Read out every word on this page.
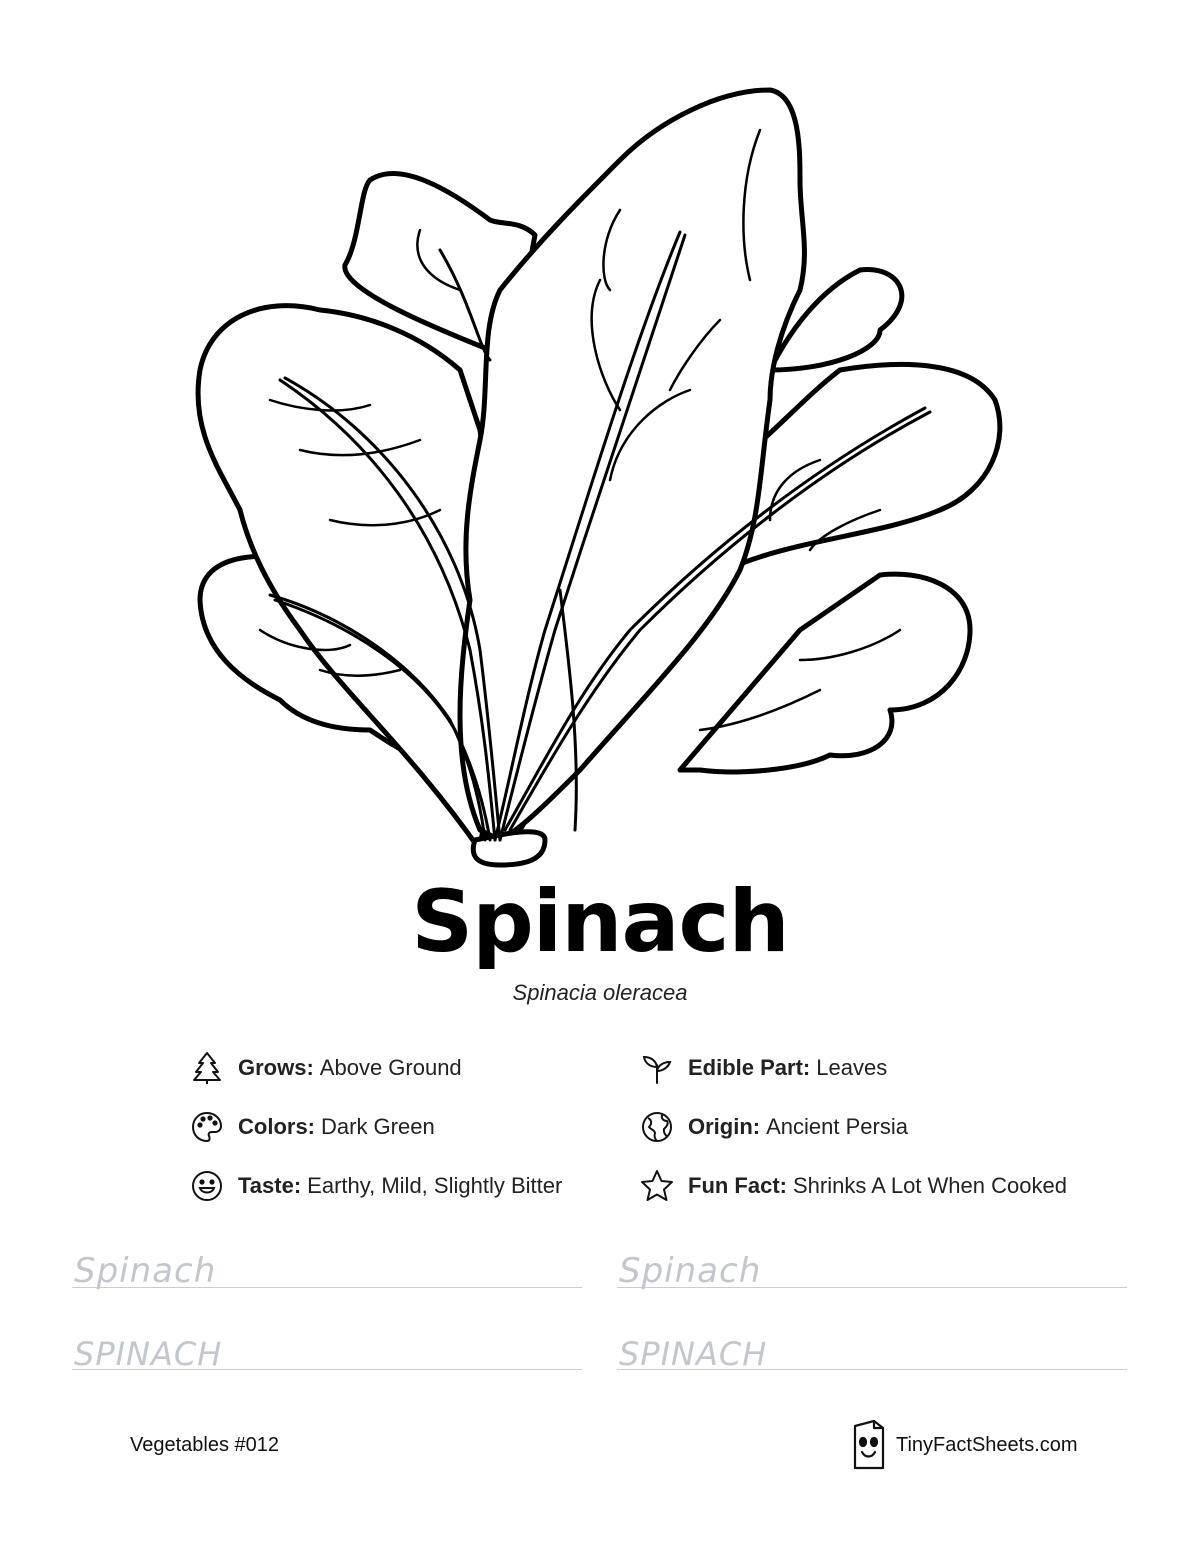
Spinach
Spinacia oleracea
Grows: Above Ground	Edible Part: Leaves
Colors: Dark Green	Origin: Ancient Persia
Taste: Earthy, Mild, Slightly Bitter	Fun Fact: Shrinks A Lot When Cooked
Spinach	Spinach
SPINACH	SPINACH
Vegetables #012	TinyFactSheets.com
